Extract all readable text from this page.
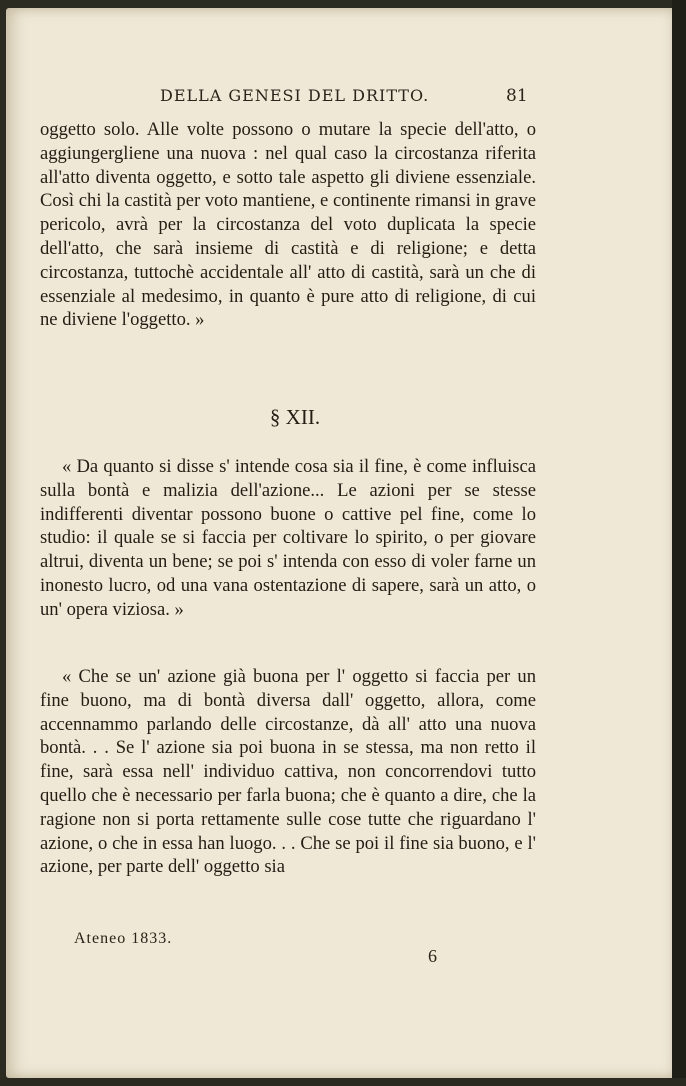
DELLA GENESI DEL DRITTO.	81

oggetto solo. Alle volte possono o mutare la specie dell'atto, o aggiungergliene una nuova : nel qual caso la circostanza riferita all'atto diventa oggetto, e sotto tale aspetto gli diviene essenziale. Così chi la castità per voto mantiene, e continente rimansi in grave pericolo, avrà per la circostanza del voto duplicata la specie dell'atto, che sarà insieme di castità e di religione; e detta circostanza, tuttochè accidentale all' atto di castità, sarà un che di essenziale al medesimo, in quanto è pure atto di religione, di cui ne diviene l'oggetto. »

§ XII.

« Da quanto si disse s' intende cosa sia il fine, è come influisca sulla bontà e malizia dell'azione... Le azioni per se stesse indifferenti diventar possono buone o cattive pel fine, come lo studio: il quale se si faccia per coltivare lo spirito, o per giovare altrui, diventa un bene; se poi s' intenda con esso di voler farne un inonesto lucro, od una vana ostentazione di sapere, sarà un atto, o un' opera viziosa. »

« Che se un' azione già buona per l' oggetto si faccia per un fine buono, ma di bontà diversa dall' oggetto, allora, come accennammo parlando delle circostanze, dà all' atto una nuova bontà. . . Se l' azione sia poi buona in se stessa, ma non retto il fine, sarà essa nell' individuo cattiva, non concorrendovi tutto quello che è necessario per farla buona; che è quanto a dire, che la ragione non si porta rettamente sulle cose tutte che riguardano l' azione, o che in essa han luogo. . . Che se poi il fine sia buono, e l' azione, per parte dell' oggetto sia

Ateneo 1833.
6
